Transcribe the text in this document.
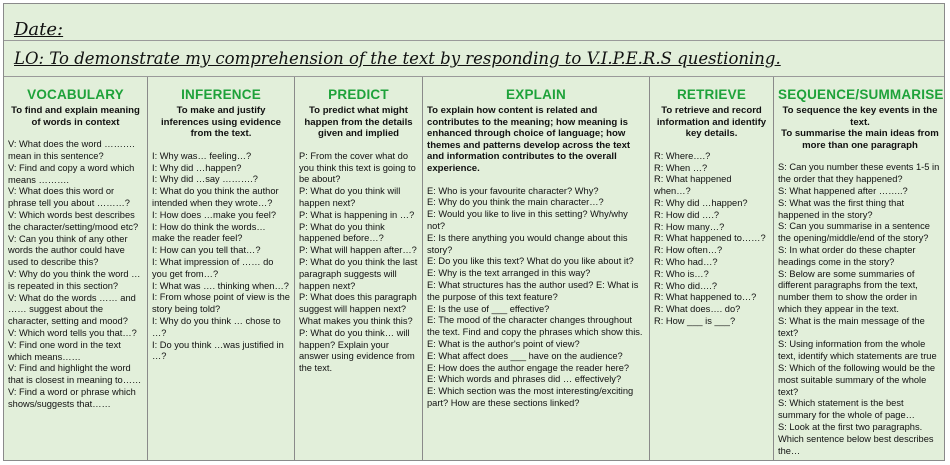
Date:
LO: To demonstrate my comprehension of the text by responding to V.I.P.E.R.S questioning.
VOCABULARY
To find and explain meaning of words in context

V: What does the word ………. mean in this sentence?

V: Find and copy a word which means ……….

V: What does this word or phrase tell you about ………?

V: Which words best describes the character/setting/mood etc?

V: Can you think of any other words the author could have used to describe this?

V: Why do you think the word … is repeated in this section?

V: What do the words …… and …… suggest about the character, setting and mood?

V: Which word tells you that…?

V: Find one word in the text which means……

V: Find and highlight the word that is closest in meaning to……

V: Find a word or phrase which shows/suggests that……

INFERENCE
To make and justify inferences using evidence from the text.

I: Why was… feeling…?

I: Why did …happen?

I: Why did …say ……….?

I: What do you think the author intended when they wrote…?

I: How does …make you feel?

I: How do think the words… make the reader feel?

I: How can you tell that…?

I: What impression of …… do you get from…?

I: What was …. thinking when…?

I: From whose point of view is the story being told?

I: Why do you think … chose to …?

I: Do you think …was justified in …?

PREDICT
To predict what might happen from the details given and implied

P: From the cover what do you think this text is going to be about?

P: What do you think will happen next?

P: What is happening in …?

P: What do you think happened before…?

P: What will happen after…?

P: What do you think the last paragraph suggests will happen next?

P: What does this paragraph suggest will happen next? What makes you think this?

P: What do you think… will happen? Explain your answer using evidence from the text.

EXPLAIN
To explain how content is related and contributes to the meaning; how meaning is enhanced through choice of language; how themes and patterns develop across the text and information contributes to the overall experience.

E: Who is your favourite character? Why?

E: Why do you think the main character…?

E: Would you like to live in this setting? Why/why not?

E: Is there anything you would change about this story?

E: Do you like this text? What do you like about it?

E: Why is the text arranged in this way?

E: What structures has the author used? E: What is the purpose of this text feature?

E: Is the use of ___ effective?

E: The mood of the character changes throughout the text. Find and copy the phrases which show this.

E: What is the author's point of view?

E: What affect does ___ have on the audience?

E: How does the author engage the reader here?

E: Which words and phrases did … effectively?

E: Which section was the most interesting/exciting part? How are these sections linked?

RETRIEVE
To retrieve and record information and identify key details.

R: Where….?

R: When …?

R: What happened when…?

R: Why did …happen?

R: How did ….?

R: How many…?

R: What happened to……?

R: How often…?

R: Who had…?

R: Who is…?

R: Who did….?

R: What happened to…?

R: What does…. do?

R: How ___ is ___?

SEQUENCE/SUMMARISE
To sequence the key events in the text.
To summarise the main ideas from more than one paragraph

S: Can you number these events 1-5 in the order that they happened?

S: What happened after ……..?

S: What was the first thing that happened in the story?

S: Can you summarise in a sentence the opening/middle/end of the story?

S: In what order do these chapter headings come in the story?

S: Below are some summaries of different paragraphs from the text, number them to show the order in which they appear in the text.

S: What is the main message of the text?

S: Using information from the whole text, identify which statements are true

S: Which of the following would be the most suitable summary of the whole text?

S: Which statement is the best summary for the whole of page…

S: Look at the first two paragraphs. Which sentence below best describes the…
